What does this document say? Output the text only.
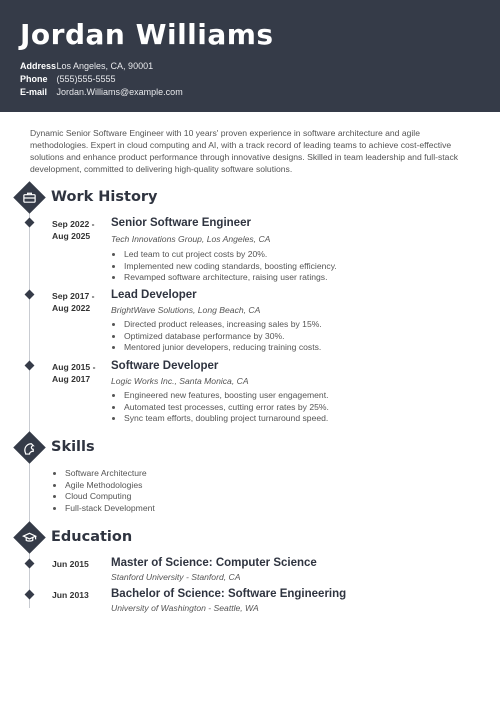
Jordan Williams
Address Los Angeles, CA, 90001
Phone (555)555-5555
E-mail Jordan.Williams@example.com
Dynamic Senior Software Engineer with 10 years' proven experience in software architecture and agile methodologies. Expert in cloud computing and AI, with a track record of leading teams to achieve cost-effective solutions and enhance product performance through innovative designs. Skilled in team leadership and full-stack development, committed to delivering high-quality software solutions.
Work History
Sep 2022 -
Aug 2025
Senior Software Engineer
Tech Innovations Group, Los Angeles, CA
• Led team to cut project costs by 20%.
• Implemented new coding standards, boosting efficiency.
• Revamped software architecture, raising user ratings.
Sep 2017 -
Aug 2022
Lead Developer
BrightWave Solutions, Long Beach, CA
• Directed product releases, increasing sales by 15%.
• Optimized database performance by 30%.
• Mentored junior developers, reducing training costs.
Aug 2015 -
Aug 2017
Software Developer
Logic Works Inc., Santa Monica, CA
• Engineered new features, boosting user engagement.
• Automated test processes, cutting error rates by 25%.
• Sync team efforts, doubling project turnaround speed.
Skills
• Software Architecture
• Agile Methodologies
• Cloud Computing
• Full-stack Development
Education
Jun 2015 Master of Science: Computer Science
Stanford University - Stanford, CA
Jun 2013 Bachelor of Science: Software Engineering
University of Washington - Seattle, WA
